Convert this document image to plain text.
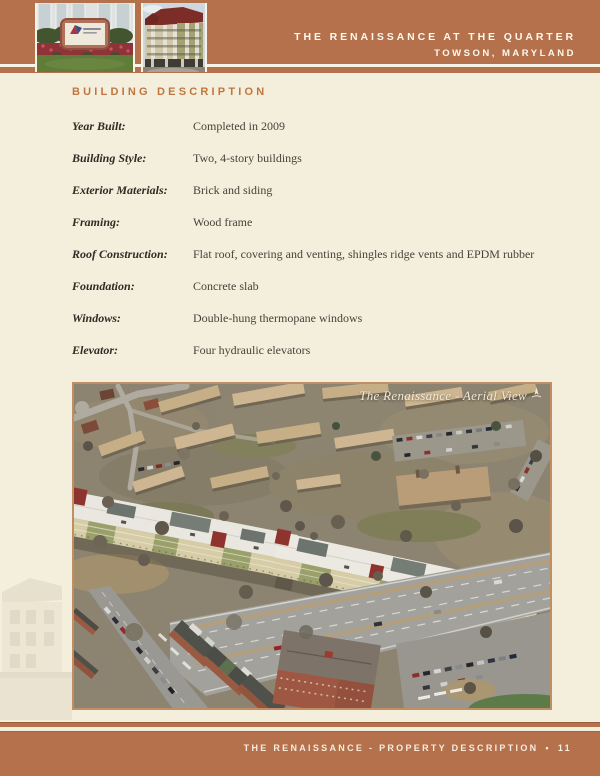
THE RENAISSANCE AT THE QUARTER
TOWSON, MARYLAND
BUILDING DESCRIPTION
Year Built:	Completed in 2009
Building Style:	Two, 4-story buildings
Exterior Materials:	Brick and siding
Framing:	Wood frame
Roof Construction:	Flat roof, covering and venting, shingles ridge vents and EPDM rubber
Foundation:	Concrete slab
Windows:	Double-hung thermopane windows
Elevator:	Four hydraulic elevators
The Renaissance - Aerial View
THE RENAISSANCE - PROPERTY DESCRIPTION • 11
